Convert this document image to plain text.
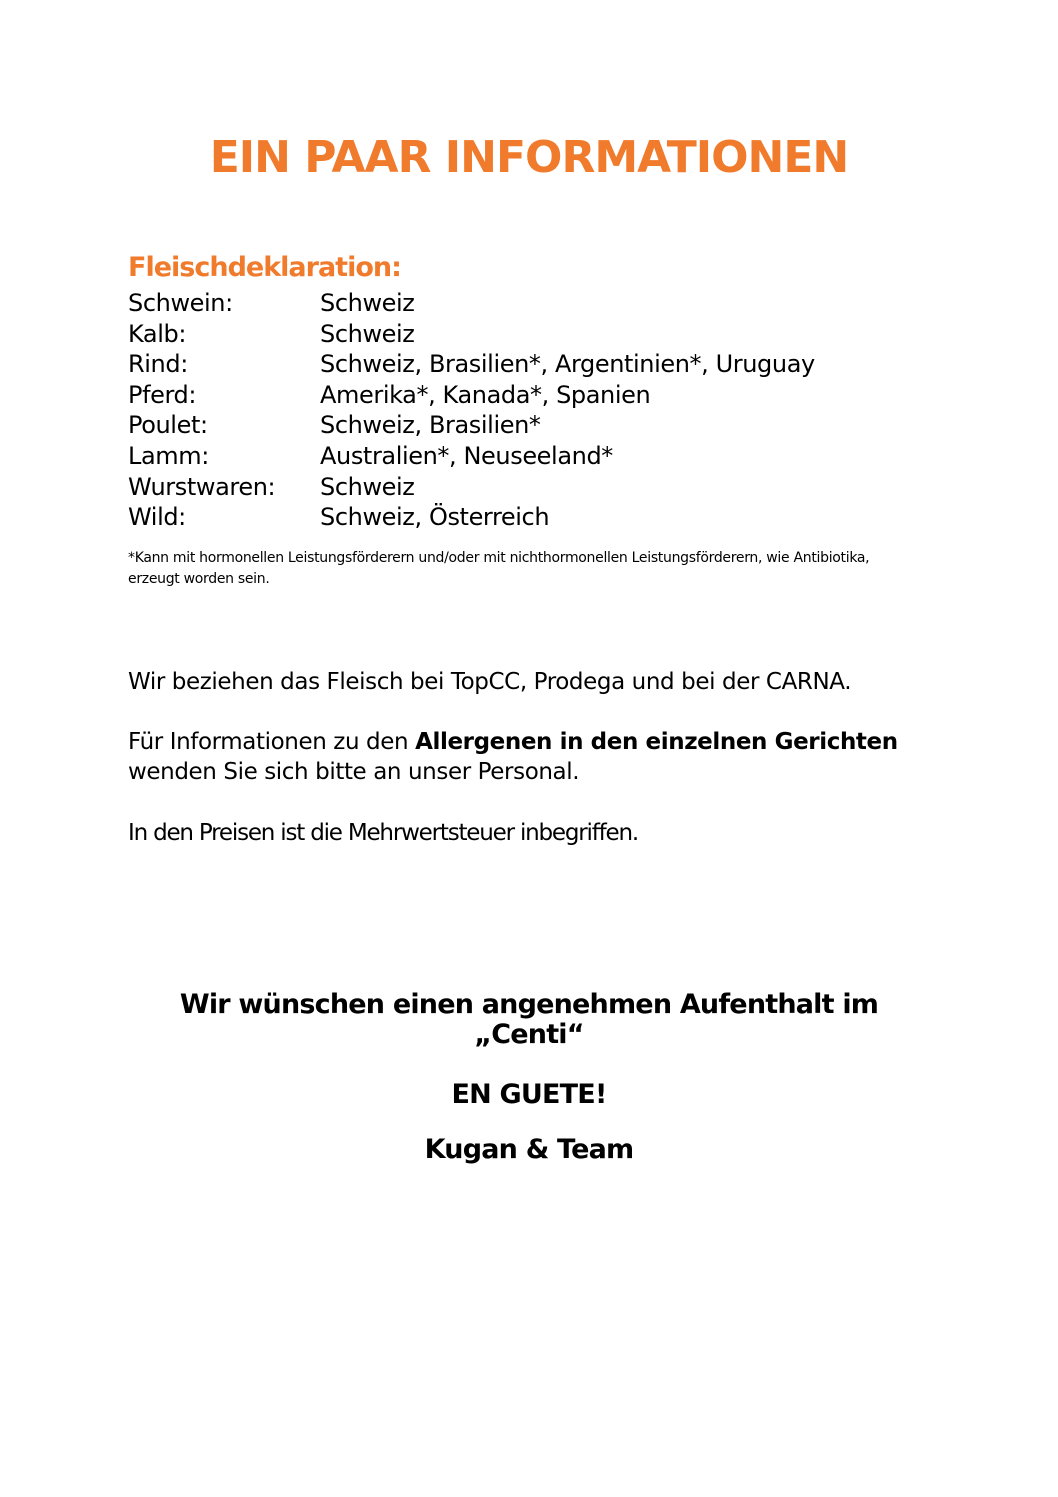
EIN PAAR INFORMATIONEN
Fleischdeklaration:
Schwein:	Schweiz
Kalb:	Schweiz
Rind:	Schweiz, Brasilien*, Argentinien*, Uruguay
Pferd:	Amerika*, Kanada*, Spanien
Poulet:	Schweiz, Brasilien*
Lamm:	Australien*, Neuseeland*
Wurstwaren:	Schweiz
Wild:	Schweiz, Österreich

*Kann mit hormonellen Leistungsförderern und/oder mit nichthormonellen Leistungsförderern, wie Antibiotika, erzeugt worden sein.

Wir beziehen das Fleisch bei TopCC, Prodega und bei der CARNA.

Für Informationen zu den Allergenen in den einzelnen Gerichten
wenden Sie sich bitte an unser Personal.

In den Preisen ist die Mehrwertsteuer inbegriffen.

Wir wünschen einen angenehmen Aufenthalt im
„Centi“

EN GUETE!

Kugan & Team
